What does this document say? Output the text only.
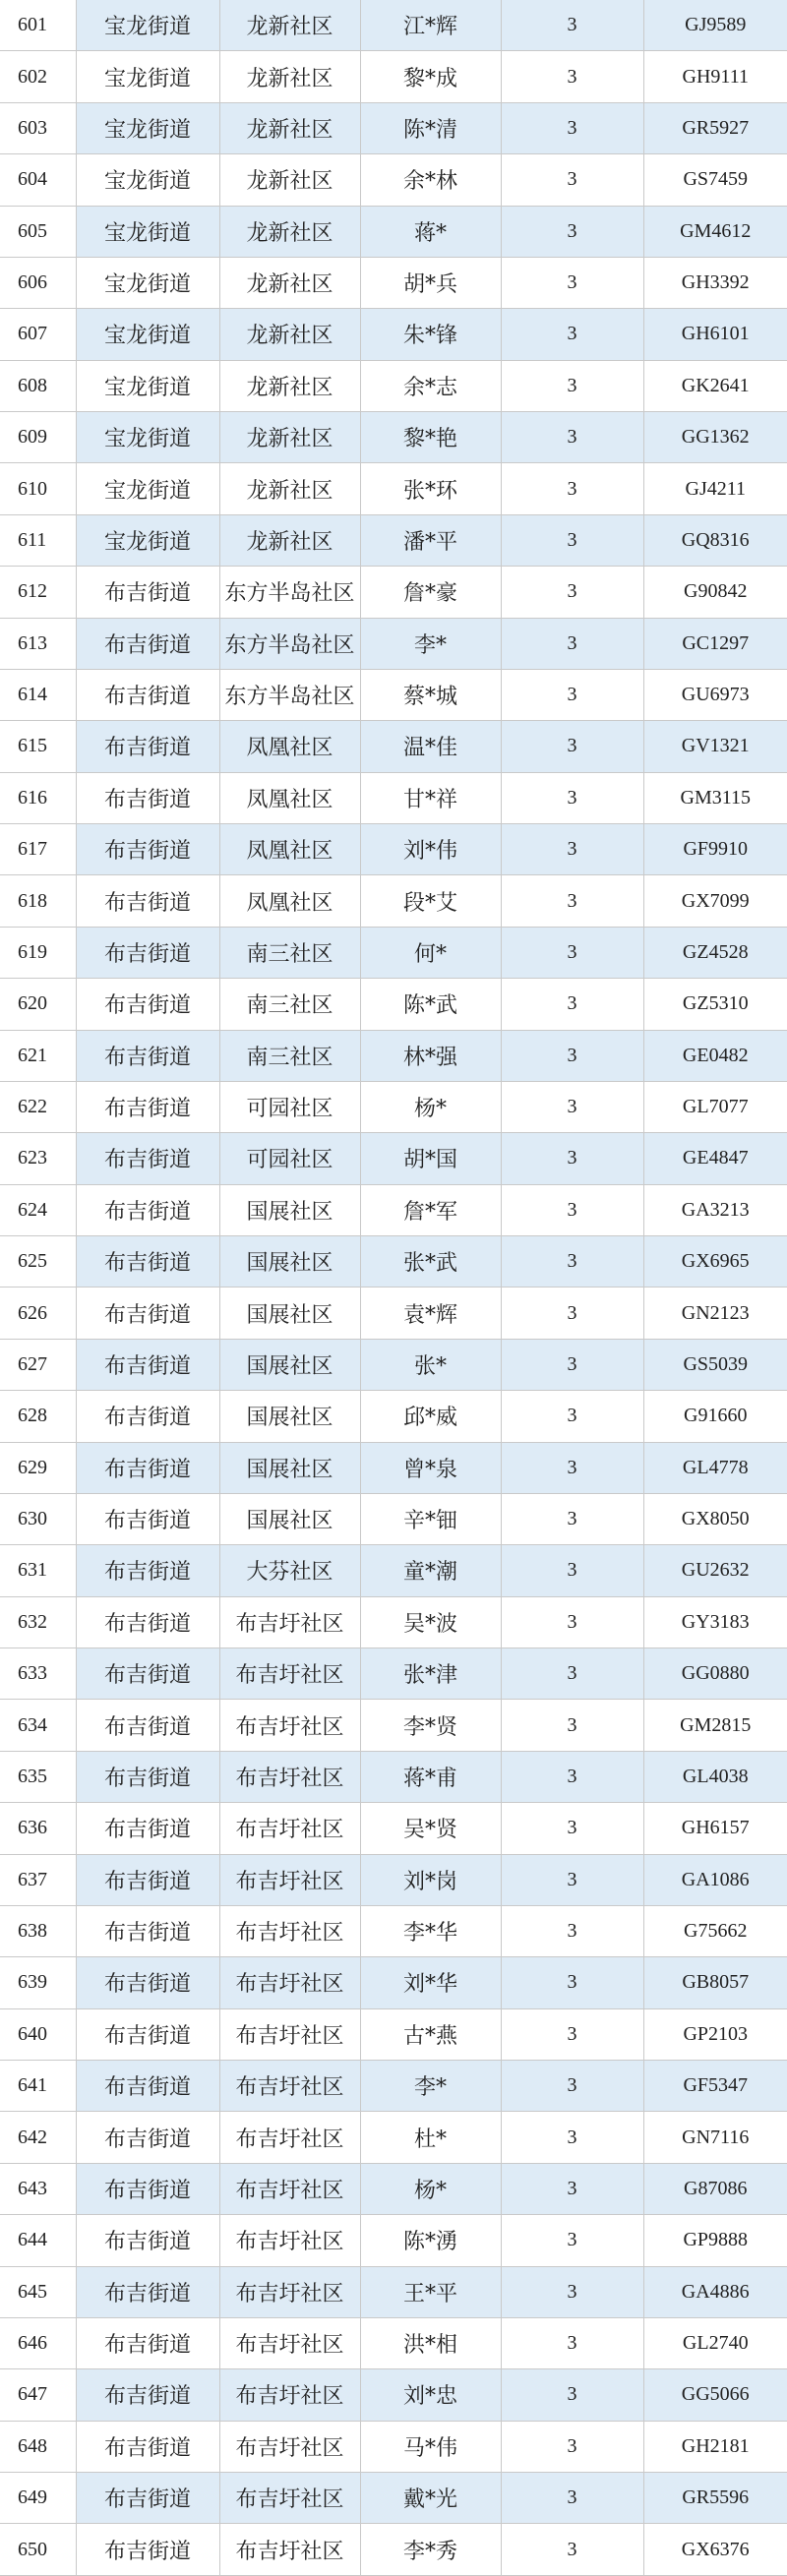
601	宝龙街道	龙新社区	江*辉	3	GJ9589
602	宝龙街道	龙新社区	黎*成	3	GH9111
603	宝龙街道	龙新社区	陈*清	3	GR5927
604	宝龙街道	龙新社区	余*林	3	GS7459
605	宝龙街道	龙新社区	蒋*	3	GM4612
606	宝龙街道	龙新社区	胡*兵	3	GH3392
607	宝龙街道	龙新社区	朱*锋	3	GH6101
608	宝龙街道	龙新社区	余*志	3	GK2641
609	宝龙街道	龙新社区	黎*艳	3	GG1362
610	宝龙街道	龙新社区	张*环	3	GJ4211
611	宝龙街道	龙新社区	潘*平	3	GQ8316
612	布吉街道	东方半岛社区	詹*豪	3	G90842
613	布吉街道	东方半岛社区	李*	3	GC1297
614	布吉街道	东方半岛社区	蔡*城	3	GU6973
615	布吉街道	凤凰社区	温*佳	3	GV1321
616	布吉街道	凤凰社区	甘*祥	3	GM3115
617	布吉街道	凤凰社区	刘*伟	3	GF9910
618	布吉街道	凤凰社区	段*艾	3	GX7099
619	布吉街道	南三社区	何*	3	GZ4528
620	布吉街道	南三社区	陈*武	3	GZ5310
621	布吉街道	南三社区	林*强	3	GE0482
622	布吉街道	可园社区	杨*	3	GL7077
623	布吉街道	可园社区	胡*国	3	GE4847
624	布吉街道	国展社区	詹*军	3	GA3213
625	布吉街道	国展社区	张*武	3	GX6965
626	布吉街道	国展社区	袁*辉	3	GN2123
627	布吉街道	国展社区	张*	3	GS5039
628	布吉街道	国展社区	邱*威	3	G91660
629	布吉街道	国展社区	曾*泉	3	GL4778
630	布吉街道	国展社区	辛*钿	3	GX8050
631	布吉街道	大芬社区	童*潮	3	GU2632
632	布吉街道	布吉圩社区	吴*波	3	GY3183
633	布吉街道	布吉圩社区	张*津	3	GG0880
634	布吉街道	布吉圩社区	李*贤	3	GM2815
635	布吉街道	布吉圩社区	蒋*甫	3	GL4038
636	布吉街道	布吉圩社区	吴*贤	3	GH6157
637	布吉街道	布吉圩社区	刘*岗	3	GA1086
638	布吉街道	布吉圩社区	李*华	3	G75662
639	布吉街道	布吉圩社区	刘*华	3	GB8057
640	布吉街道	布吉圩社区	古*燕	3	GP2103
641	布吉街道	布吉圩社区	李*	3	GF5347
642	布吉街道	布吉圩社区	杜*	3	GN7116
643	布吉街道	布吉圩社区	杨*	3	G87086
644	布吉街道	布吉圩社区	陈*湧	3	GP9888
645	布吉街道	布吉圩社区	王*平	3	GA4886
646	布吉街道	布吉圩社区	洪*相	3	GL2740
647	布吉街道	布吉圩社区	刘*忠	3	GG5066
648	布吉街道	布吉圩社区	马*伟	3	GH2181
649	布吉街道	布吉圩社区	戴*光	3	GR5596
650	布吉街道	布吉圩社区	李*秀	3	GX6376
